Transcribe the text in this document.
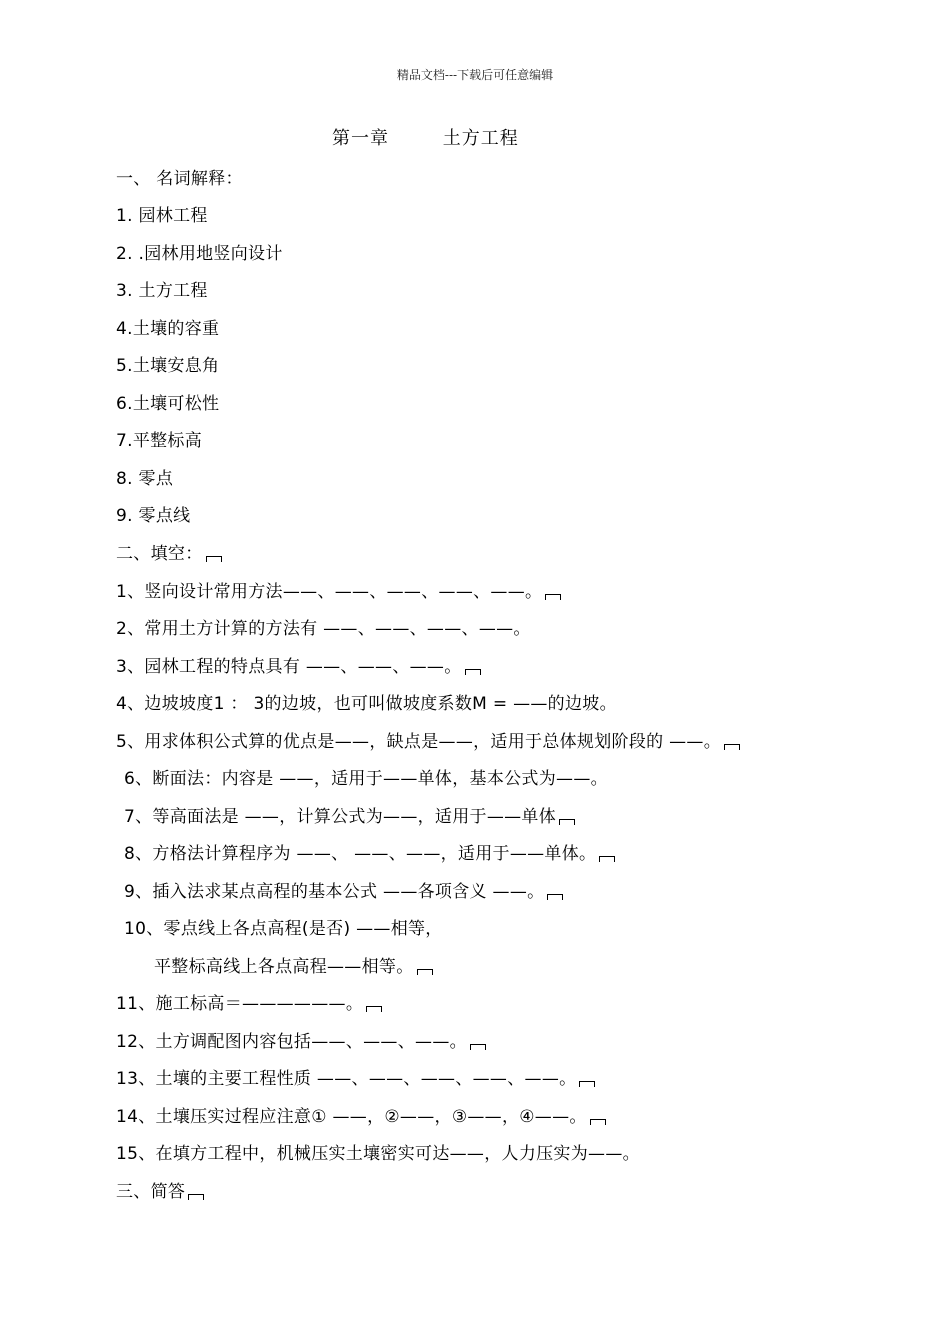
精品文档---下载后可任意编辑
第一章        土方工程
一、 名词解释：
1. 园林工程
2. .园林用地竖向设计
3. 土方工程
4.土壤的容重
5.土壤安息角
6.土壤可松性
7.平整标高
8. 零点
9. 零点线
二、填空：
1、竖向设计常用方法——、——、——、——、——。
2、常用土方计算的方法有 ——、——、——、——。
3、园林工程的特点具有 ——、——、——。
4、边坡坡度1 ： 3的边坡，也可叫做坡度系数M = ——的边坡。
5、用求体积公式算的优点是——，缺点是——，适用于总体规划阶段的 ——。
6、断面法：内容是 ——，适用于——单体，基本公式为——。
7、等高面法是 ——，计算公式为——，适用于——单体
8、方格法计算程序为 ——、 ——、——，适用于——单体。
9、插入法求某点高程的基本公式 ——各项含义 ——。
10、零点线上各点高程(是否) ——相等，
平整标高线上各点高程——相等。
11、施工标高＝——————。
12、土方调配图内容包括——、——、——。
13、土壤的主要工程性质 ——、——、——、——、——。
14、土壤压实过程应注意① ——，②——，③——，④——。
15、在填方工程中，机械压实土壤密实可达——，人力压实为——。
三、简答
